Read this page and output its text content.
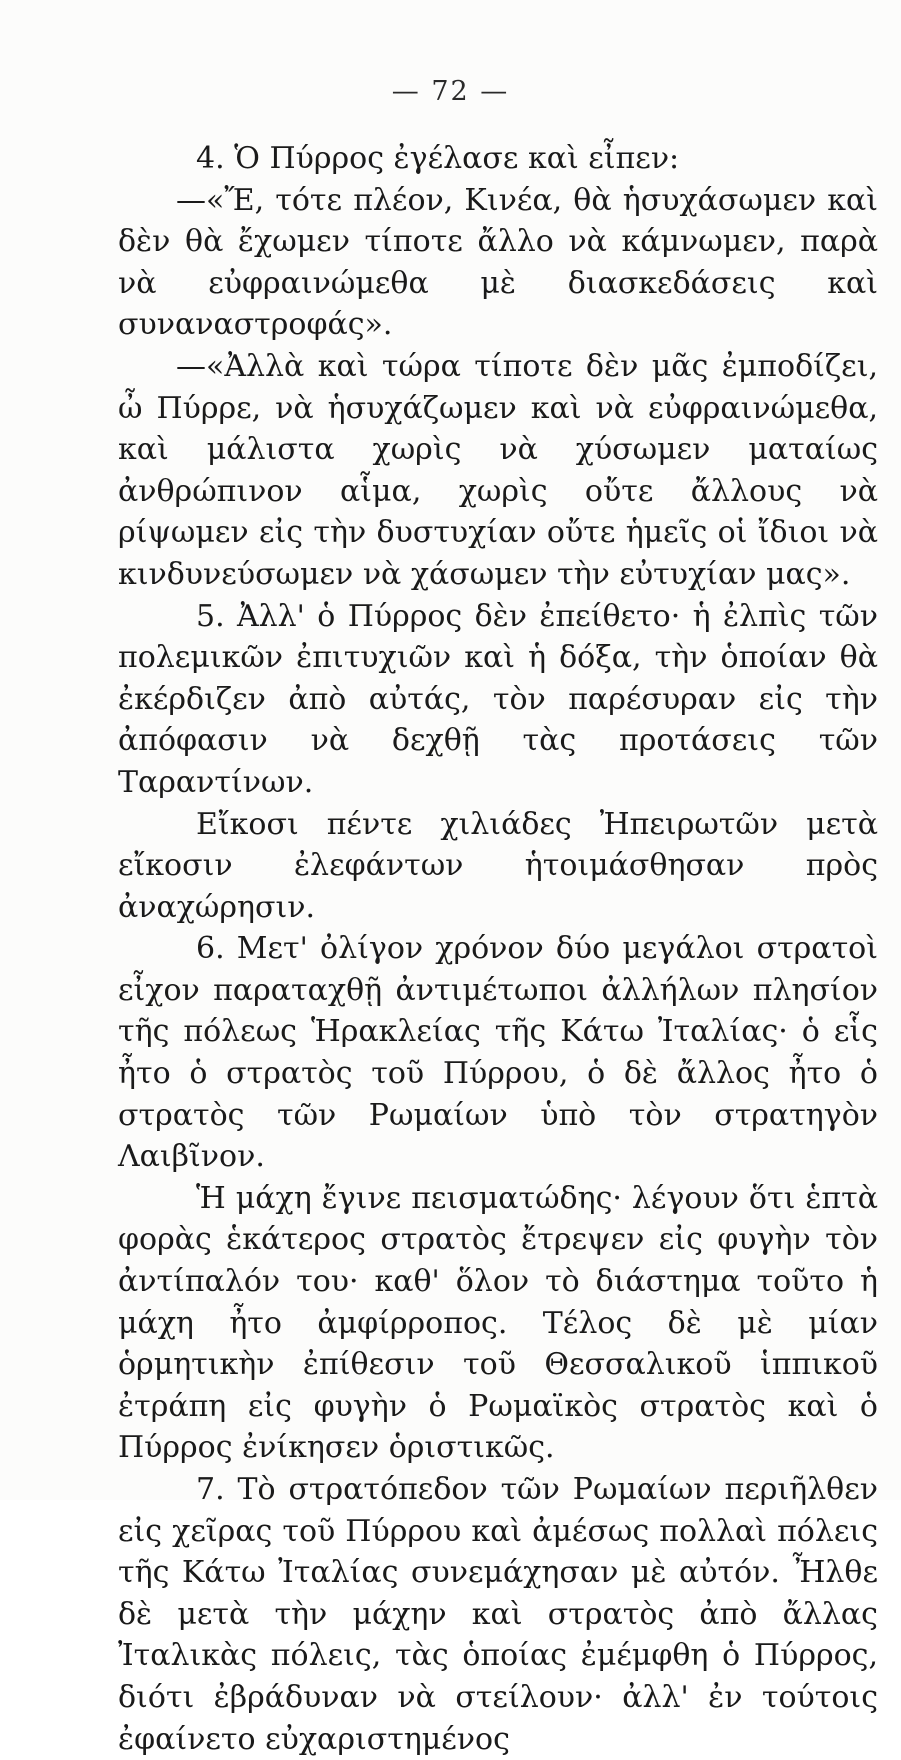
— 72 —

4. Ὁ Πύρρος ἐγέλασε καὶ εἶπεν:

—«Ἔ, τότε πλέον, Κινέα, θὰ ἡσυχάσωμεν καὶ δὲν θὰ ἔχωμεν τίποτε ἄλλο νὰ κάμνωμεν, παρὰ νὰ εὐφραινώμεθα μὲ διασκεδάσεις καὶ συναναστροφάς».

—«Ἀλλὰ καὶ τώρα τίποτε δὲν μᾶς ἐμποδίζει, ὦ Πύρρε, νὰ ἡσυχάζωμεν καὶ νὰ εὐφραινώμεθα, καὶ μάλιστα χωρὶς νὰ χύσωμεν ματαίως ἀνθρώπινον αἷμα, χωρὶς οὔτε ἄλλους νὰ ρίψωμεν εἰς τὴν δυστυχίαν οὔτε ἡμεῖς οἱ ἴδιοι νὰ κινδυνεύσωμεν νὰ χάσωμεν τὴν εὐτυχίαν μας».

5. Ἀλλ' ὁ Πύρρος δὲν ἐπείθετο· ἡ ἐλπὶς τῶν πολεμικῶν ἐπιτυχιῶν καὶ ἡ δόξα, τὴν ὁποίαν θὰ ἐκέρδιζεν ἀπὸ αὐτάς, τὸν παρέσυραν εἰς τὴν ἀπόφασιν νὰ δεχθῇ τὰς προτάσεις τῶν Ταραντίνων.

Εἴκοσι πέντε χιλιάδες Ἠπειρωτῶν μετὰ εἴκοσιν ἐλεφάντων ἡτοιμάσθησαν πρὸς ἀναχώρησιν.

6. Μετ' ὀλίγον χρόνον δύο μεγάλοι στρατοὶ εἶχον παραταχθῇ ἀντιμέτωποι ἀλλήλων πλησίον τῆς πόλεως Ἡρακλείας τῆς Κάτω Ἰταλίας· ὁ εἷς ἦτο ὁ στρατὸς τοῦ Πύρρου, ὁ δὲ ἄλλος ἦτο ὁ στρατὸς τῶν Ρωμαίων ὑπὸ τὸν στρατηγὸν Λαιβῖνον.

Ἡ μάχη ἔγινε πεισματώδης· λέγουν ὅτι ἑπτὰ φορὰς ἑκάτερος στρατὸς ἔτρεψεν εἰς φυγὴν τὸν ἀντίπαλόν του· καθ' ὅλον τὸ διάστημα τοῦτο ἡ μάχη ἦτο ἀμφίρροπος. Τέλος δὲ μὲ μίαν ὁρμητικὴν ἐπίθεσιν τοῦ Θεσσαλικοῦ ἱππικοῦ ἐτράπη εἰς φυγὴν ὁ Ρωμαϊκὸς στρατὸς καὶ ὁ Πύρρος ἐνίκησεν ὁριστικῶς.

7. Τὸ στρατόπεδον τῶν Ρωμαίων περιῆλθεν εἰς χεῖρας τοῦ Πύρρου καὶ ἀμέσως πολλαὶ πόλεις τῆς Κάτω Ἰταλίας συνεμάχησαν μὲ αὐτόν. Ἦλθε δὲ μετὰ τὴν μάχην καὶ στρατὸς ἀπὸ ἄλλας Ἰταλικὰς πόλεις, τὰς ὁποίας ἐμέμφθη ὁ Πύρρος, διότι ἐβράδυναν νὰ στείλουν· ἀλλ' ἐν τούτοις ἐφαίνετο εὐχαριστημένος
